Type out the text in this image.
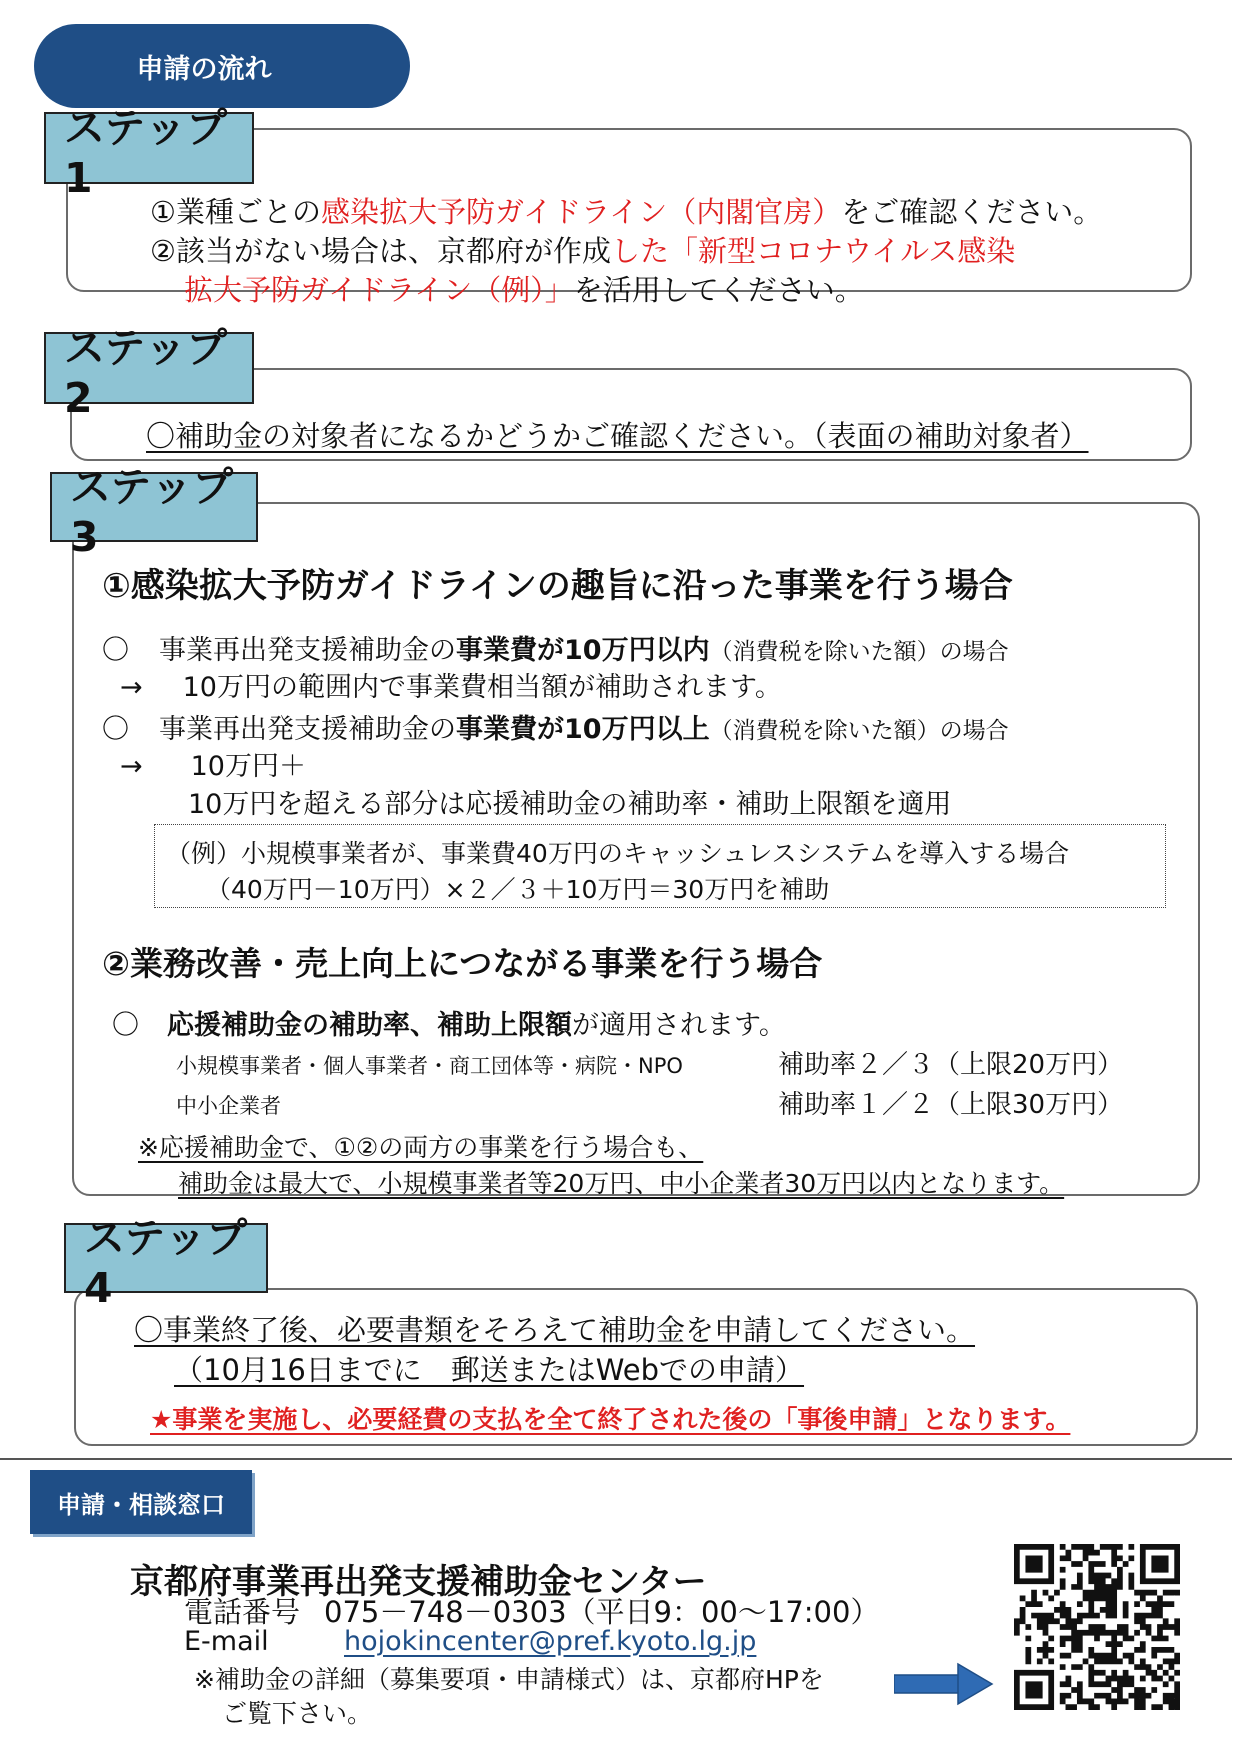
申請の流れ
ステップ1
①業種ごとの感染拡大予防ガイドライン（内閣官房）をご確認ください。
②該当がない場合は、京都府が作成した「新型コロナウイルス感染
拡大予防ガイドライン（例）」を活用してください。
ステップ2
〇補助金の対象者になるかどうかご確認ください。（表面の補助対象者）
ステップ3
①感染拡大予防ガイドラインの趣旨に沿った事業を行う場合
〇 事業再出発支援補助金の事業費が10万円以内（消費税を除いた額）の場合
→ 10万円の範囲内で事業費相当額が補助されます。
〇 事業再出発支援補助金の事業費が10万円以上（消費税を除いた額）の場合
→ 10万円＋
10万円を超える部分は応援補助金の補助率・補助上限額を適用
（例）小規模事業者が、事業費40万円のキャッシュレスシステムを導入する場合
（40万円－10万円）×２／３＋10万円＝30万円を補助
②業務改善・売上向上につながる事業を行う場合
〇 応援補助金の補助率、補助上限額が適用されます。
小規模事業者・個人事業者・商工団体等・病院・NPO	補助率２／３（上限20万円）
中小企業者	補助率１／２（上限30万円）
※応援補助金で、①②の両方の事業を行う場合も、
補助金は最大で、小規模事業者等20万円、中小企業者30万円以内となります。
ステップ4
〇事業終了後、必要書類をそろえて補助金を申請してください。
（10月16日までに　郵送またはWebでの申請）
★事業を実施し、必要経費の支払を全て終了された後の「事後申請」となります。
申請・相談窓口
京都府事業再出発支援補助金センター
電話番号 075－748－0303（平日9：00～17:00）
E-mail	hojokincenter@pref.kyoto.lg.jp
※補助金の詳細（募集要項・申請様式）は、京都府HPを
ご覧下さい。
